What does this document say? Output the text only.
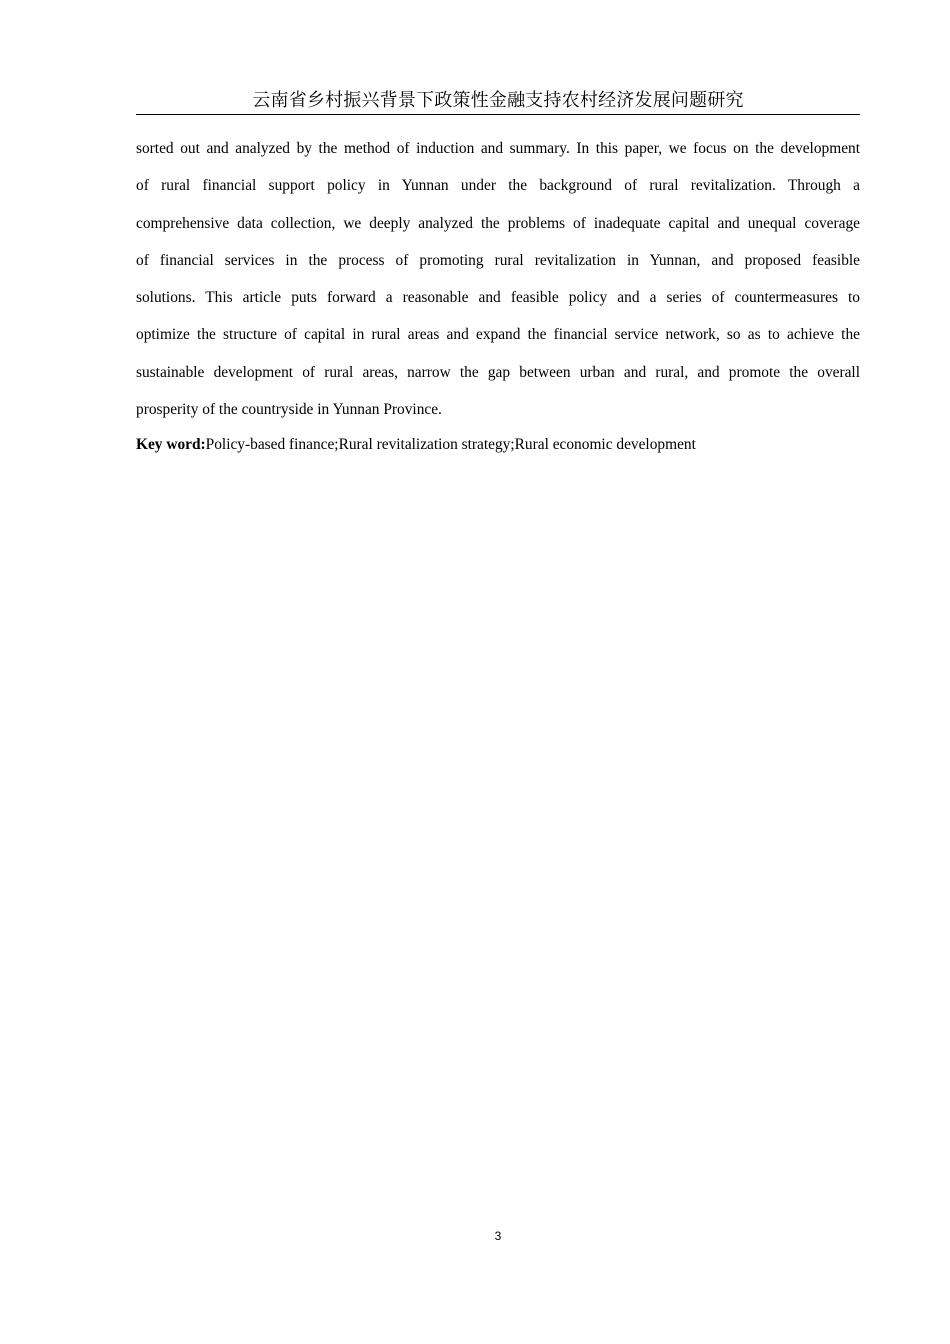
云南省乡村振兴背景下政策性金融支持农村经济发展问题研究
sorted out and analyzed by the method of induction and summary. In this paper, we focus on the development
of rural financial support policy in Yunnan under the background of rural revitalization. Through a
comprehensive data collection, we deeply analyzed the problems of inadequate capital and unequal coverage
of financial services in the process of promoting rural revitalization in Yunnan, and proposed feasible
solutions. This article puts forward a reasonable and feasible policy and a series of countermeasures to
optimize the structure of capital in rural areas and expand the financial service network, so as to achieve the
sustainable development of rural areas, narrow the gap between urban and rural, and promote the overall
prosperity of the countryside in Yunnan Province.
Key word:Policy-based finance;Rural revitalization strategy;Rural economic development
3
